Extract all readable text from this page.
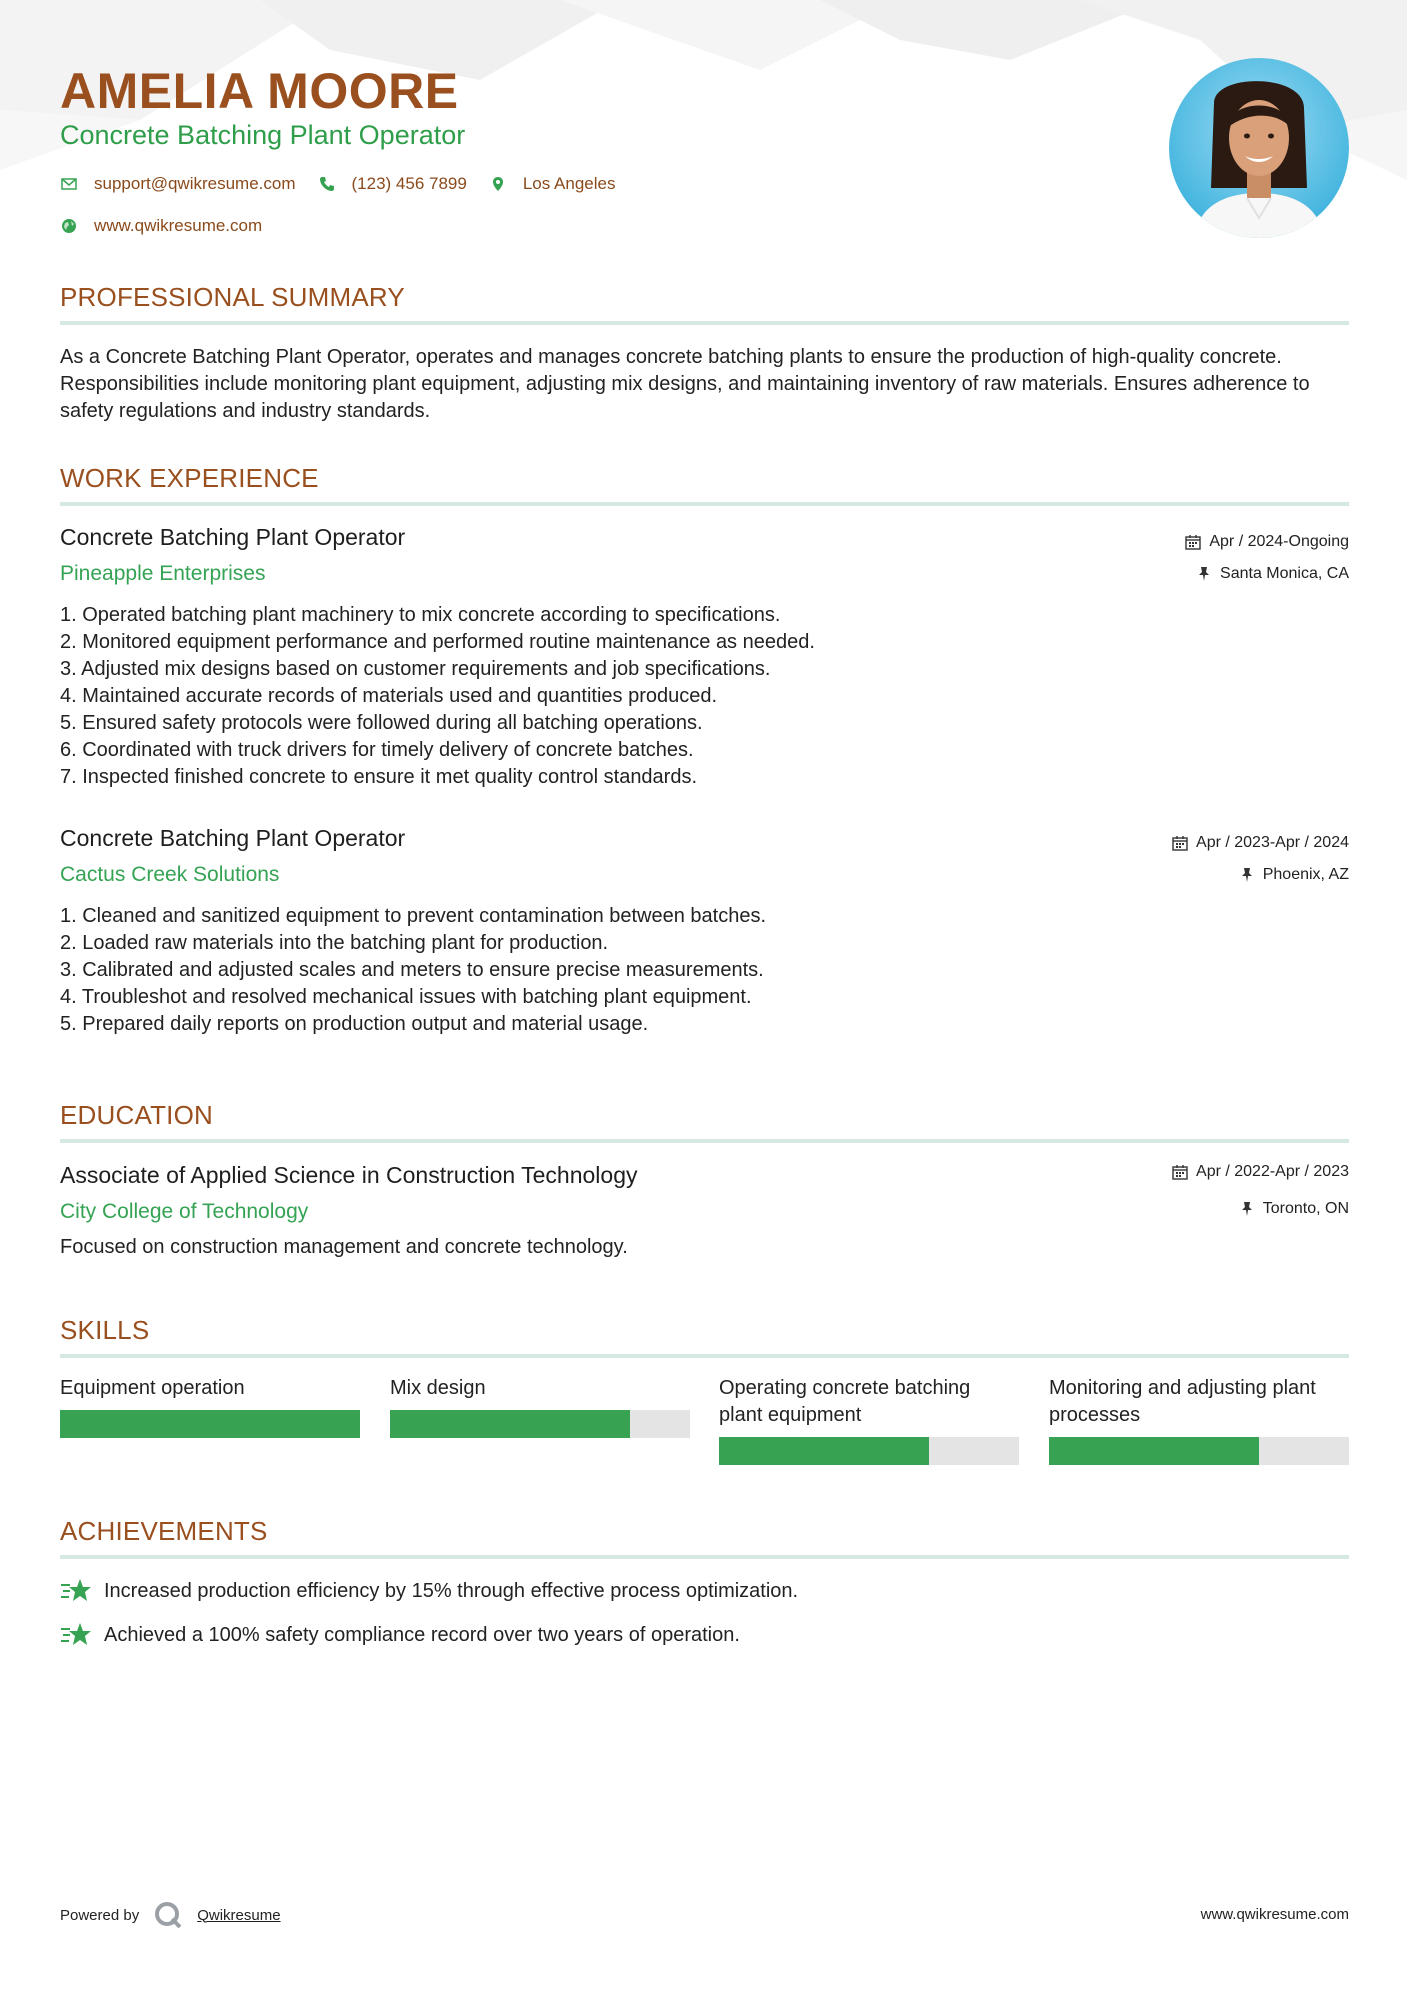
AMELIA MOORE
Concrete Batching Plant Operator
support@qwikresume.com	(123) 456 7899	Los Angeles
www.qwikresume.com
PROFESSIONAL SUMMARY
As a Concrete Batching Plant Operator, operates and manages concrete batching plants to ensure the production of high-quality concrete. Responsibilities include monitoring plant equipment, adjusting mix designs, and maintaining inventory of raw materials. Ensures adherence to safety regulations and industry standards.
WORK EXPERIENCE
Concrete Batching Plant Operator
Pineapple Enterprises
Apr / 2024-Ongoing
Santa Monica, CA
1. Operated batching plant machinery to mix concrete according to specifications.
2. Monitored equipment performance and performed routine maintenance as needed.
3. Adjusted mix designs based on customer requirements and job specifications.
4. Maintained accurate records of materials used and quantities produced.
5. Ensured safety protocols were followed during all batching operations.
6. Coordinated with truck drivers for timely delivery of concrete batches.
7. Inspected finished concrete to ensure it met quality control standards.
Concrete Batching Plant Operator
Cactus Creek Solutions
Apr / 2023-Apr / 2024
Phoenix, AZ
1. Cleaned and sanitized equipment to prevent contamination between batches.
2. Loaded raw materials into the batching plant for production.
3. Calibrated and adjusted scales and meters to ensure precise measurements.
4. Troubleshot and resolved mechanical issues with batching plant equipment.
5. Prepared daily reports on production output and material usage.
EDUCATION
Associate of Applied Science in Construction Technology
City College of Technology
Apr / 2022-Apr / 2023
Toronto, ON
Focused on construction management and concrete technology.
SKILLS
Equipment operation	Mix design	Operating concrete batching plant equipment
Monitoring and adjusting plant processes
ACHIEVEMENTS
Increased production efficiency by 15% through effective process optimization.
Achieved a 100% safety compliance record over two years of operation.
Powered by	Qwikresume	www.qwikresume.com
